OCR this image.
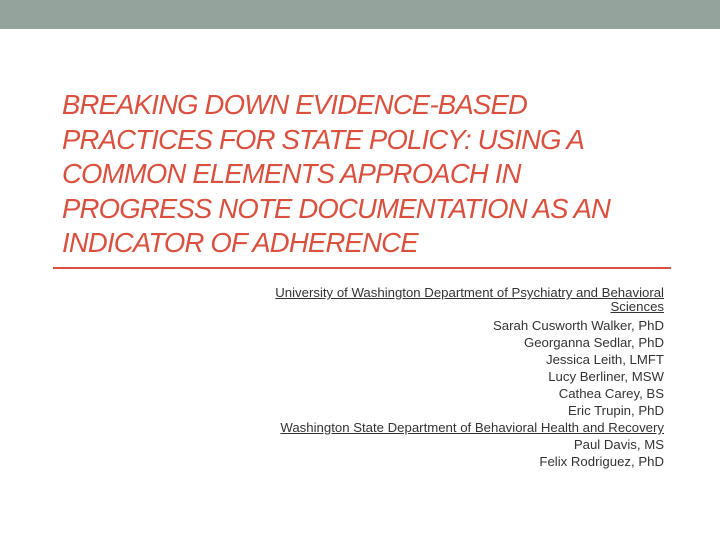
BREAKING DOWN EVIDENCE-BASED
PRACTICES FOR STATE POLICY: USING A
COMMON ELEMENTS APPROACH IN
PROGRESS NOTE DOCUMENTATION AS AN
INDICATOR OF ADHERENCE
University of Washington Department of Psychiatry and Behavioral
Sciences
Sarah Cusworth Walker, PhD
Georganna Sedlar, PhD
Jessica Leith, LMFT
Lucy Berliner, MSW
Cathea Carey, BS
Eric Trupin, PhD
Washington State Department of Behavioral Health and Recovery
Paul Davis, MS
Felix Rodriguez, PhD
